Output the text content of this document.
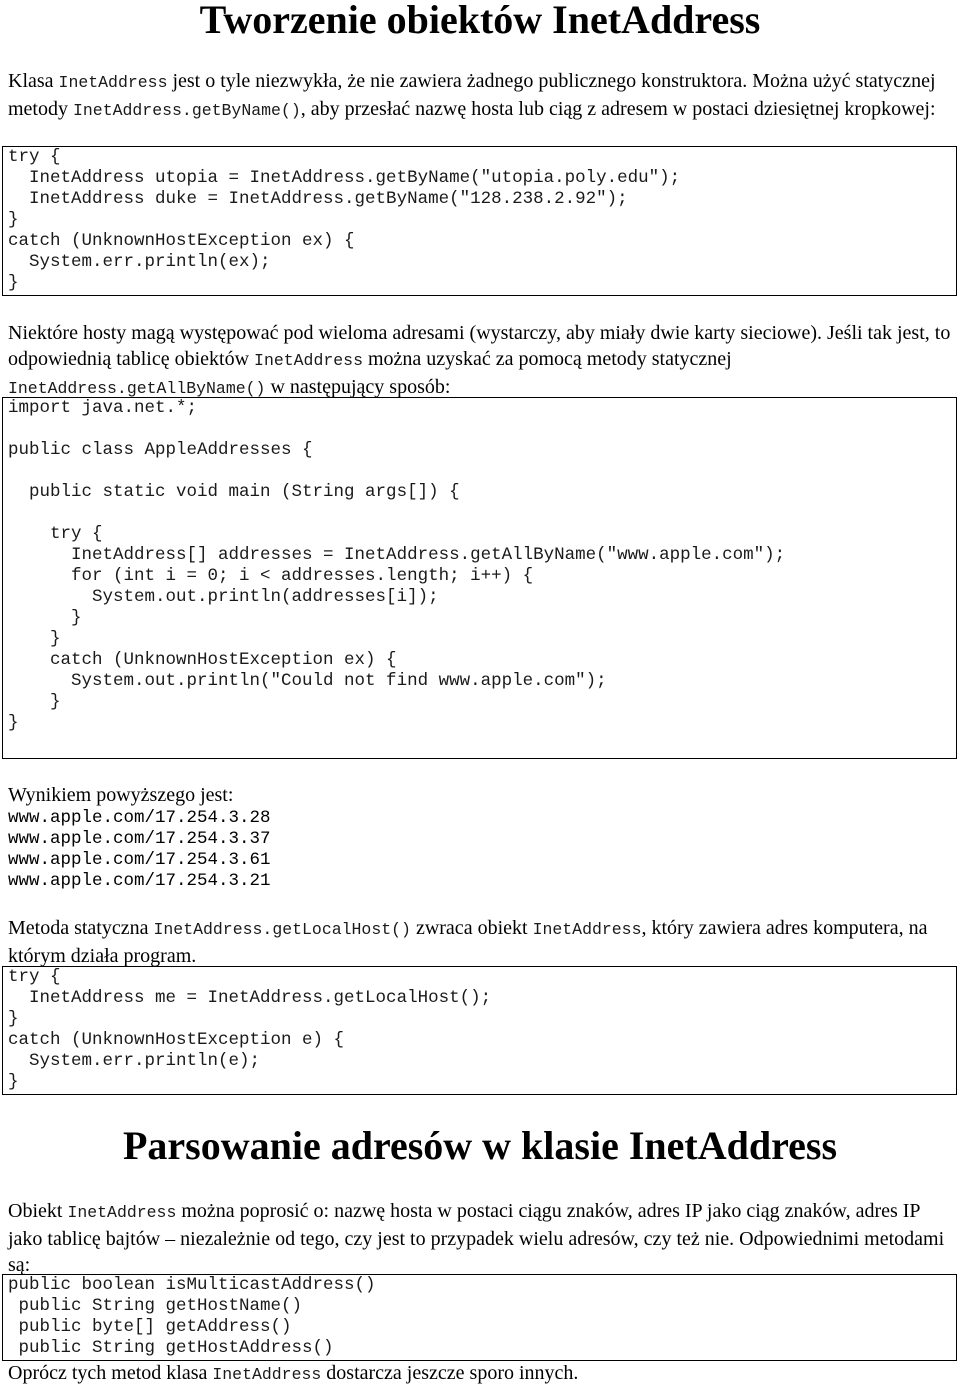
Tworzenie obiektów InetAddress

Klasa InetAddress jest o tyle niezwykła, że nie zawiera żadnego publicznego konstruktora. Można użyć statycznej metody InetAddress.getByName(), aby przesłać nazwę hosta lub ciąg z adresem w postaci dziesiętnej kropkowej:

try {
InetAddress utopia = InetAddress.getByName("utopia.poly.edu");
InetAddress duke = InetAddress.getByName("128.238.2.92");
}
catch (UnknownHostException ex) {
System.err.println(ex);
}

Niektóre hosty magą występować pod wieloma adresami (wystarczy, aby miały dwie karty sieciowe). Jeśli tak jest, to odpowiednią tablicę obiektów InetAddress można uzyskać za pomocą metody statycznej InetAddress.getAllByName() w następujący sposób:

import java.net.*;
public class AppleAddresses {
public static void main (String args[]) {
try {
InetAddress[] addresses = InetAddress.getAllByName("www.apple.com");
for (int i = 0; i < addresses.length; i++) {
System.out.println(addresses[i]);
}
}
catch (UnknownHostException ex) {
System.out.println("Could not find www.apple.com");
}
}

Wynikiem powyższego jest:

www.apple.com/17.254.3.28
www.apple.com/17.254.3.37
www.apple.com/17.254.3.61
www.apple.com/17.254.3.21

Metoda statyczna InetAddress.getLocalHost() zwraca obiekt InetAddress, który zawiera adres komputera, na którym działa program.

try {
InetAddress me = InetAddress.getLocalHost();
}
catch (UnknownHostException e) {
System.err.println(e);
}
Parsowanie adresów w klasie InetAddress

Obiekt InetAddress można poprosić o: nazwę hosta w postaci ciągu znaków, adres IP jako ciąg znaków, adres IP jako tablicę bajtów – niezależnie od tego, czy jest to przypadek wielu adresów, czy też nie. Odpowiednimi metodami są:

public boolean isMulticastAddress()
public String getHostName()
public byte[] getAddress()
public String getHostAddress()

Oprócz tych metod klasa InetAddress dostarcza jeszcze sporo innych.
